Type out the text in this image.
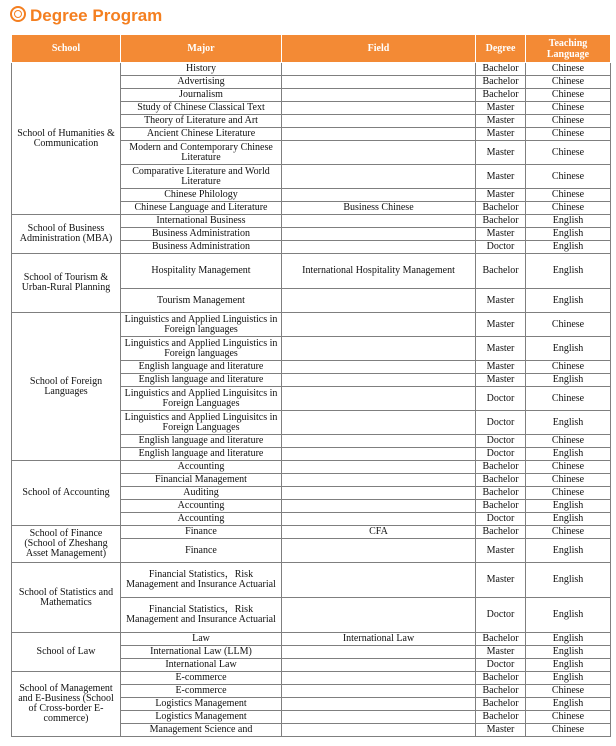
Degree Program
School	Major	Field	Degree	Teaching Language
School of Humanities & Communication	History		Bachelor	Chinese
	Advertising		Bachelor	Chinese
	Journalism		Bachelor	Chinese
	Study of Chinese Classical Text		Master	Chinese
	Theory of Literature and Art		Master	Chinese
	Ancient Chinese Literature		Master	Chinese
	Modern and Contemporary Chinese Literature		Master	Chinese
	Comparative Literature and World Literature		Master	Chinese
	Chinese Philology		Master	Chinese
	Chinese Language and Literature	Business Chinese	Bachelor	Chinese
School of Business Administration (MBA)	International Business		Bachelor	English
	Business Administration		Master	English
	Business Administration		Doctor	English
School of Tourism & Urban-Rural Planning	Hospitality Management	International Hospitality Management	Bachelor	English
	Tourism Management		Master	English
School of Foreign Languages	Linguistics and Applied Linguistics in Foreign languages		Master	Chinese
	Linguistics and Applied Linguistics in Foreign languages		Master	English
	English language and literature		Master	Chinese
	English language and literature		Master	English
	Linguistics and Applied Linguisitcs in Foreign Languages		Doctor	Chinese
	Linguistics and Applied Linguisitcs in Foreign Languages		Doctor	English
	English language and literature		Doctor	Chinese
	English language and literature		Doctor	English
School of Accounting	Accounting		Bachelor	Chinese
	Financial Management		Bachelor	Chinese
	Auditing		Bachelor	Chinese
	Accounting		Bachelor	English
	Accounting		Doctor	English
School of Finance (School of Zheshang Asset Management)	Finance	CFA	Bachelor	Chinese
	Finance		Master	English
School of Statistics and Mathematics	Financial Statistics，Risk Management and Insurance Actuarial		Master	English
	Financial Statistics，Risk Management and Insurance Actuarial		Doctor	English
School of Law	Law	International Law	Bachelor	English
	International Law (LLM)		Master	English
	International Law		Doctor	English
School of Management and E-Business (School of Cross-border E-commerce)	E-commerce		Bachelor	English
	E-commerce		Bachelor	Chinese
	Logistics Management		Bachelor	English
	Logistics Management		Bachelor	Chinese
	Management Science and		Master	Chinese
